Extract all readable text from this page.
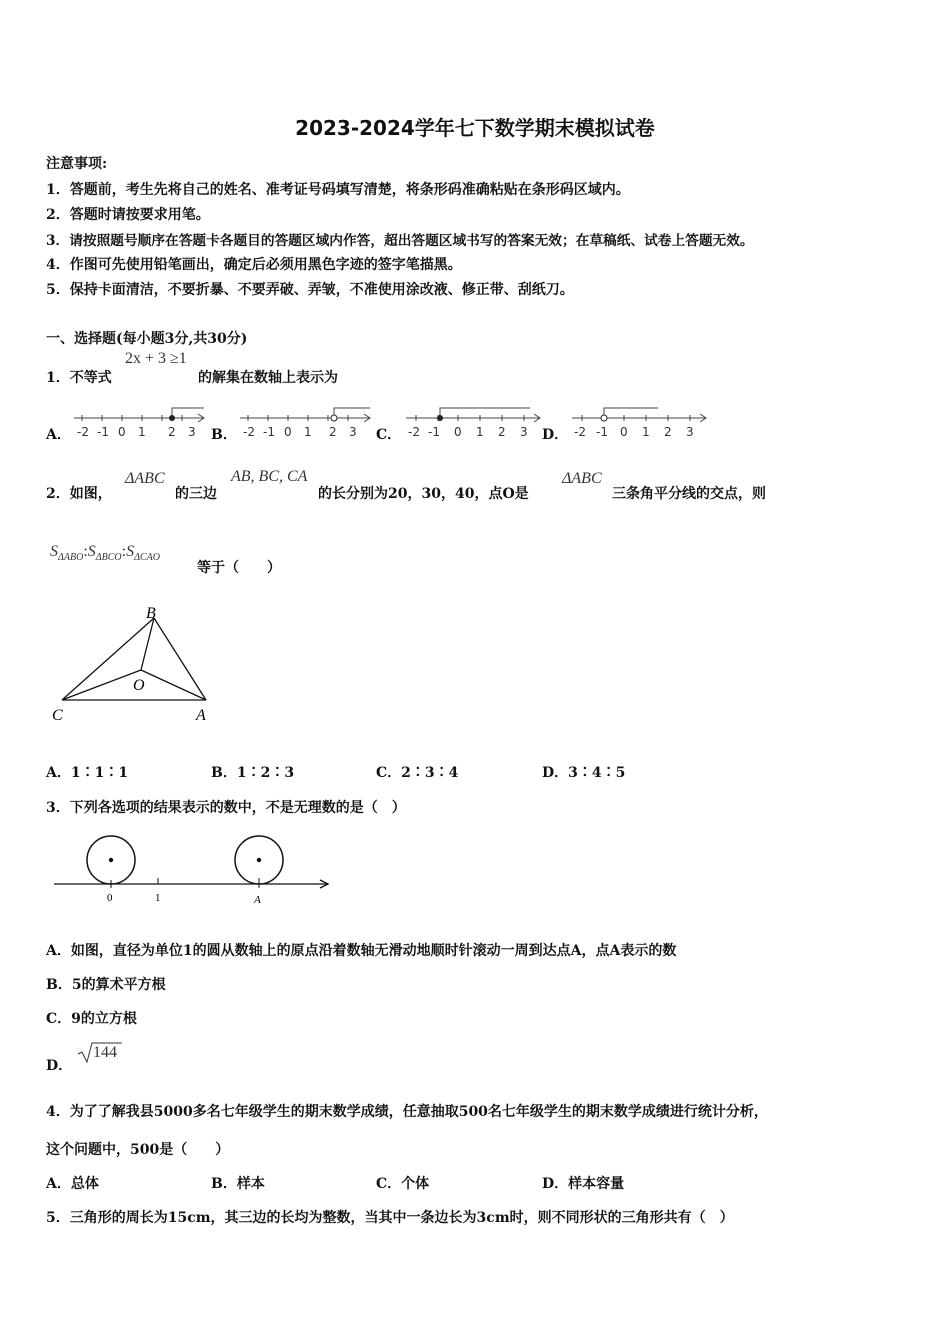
2023-2024学年七下数学期末模拟试卷
注意事项:
1．答题前，考生先将自己的姓名、准考证号码填写清楚，将条形码准确粘贴在条形码区域内。
2．答题时请按要求用笔。
3．请按照题号顺序在答题卡各题目的答题区域内作答，超出答题区域书写的答案无效；在草稿纸、试卷上答题无效。
4．作图可先使用铅笔画出，确定后必须用黑色字迹的签字笔描黑。
5．保持卡面清洁，不要折暴、不要弄破、弄皱，不准使用涂改液、修正带、刮纸刀。
一、选择题(每小题3分,共30分)
1．不等式
2x + 3 ≥1
的解集在数轴上表示为
A． -2 -1 0 1 2 3 B． -2 -1 0 1 2 3 C． -2 -1 0 1 2 3 D． -2 -1 0 1 2 3
2．如图，
ΔABC
的三边
AB, BC, CA
的长分别为20，30，40，点O是
ΔABC
三条角平分线的交点，则
$S_{\Delta ABO}:S_{\Delta BCO}:S_{\Delta CAO}$
等于（　　）
B
O
C	A
A．1∶1∶1	B．1∶2∶3	C．2∶3∶4	D．3∶4∶5
3．下列各选项的结果表示的数中，不是无理数的是（　）
0	1	A
A．如图，直径为单位1的圆从数轴上的原点沿着数轴无滑动地顺时针滚动一周到达点A，点A表示的数
B．5的算术平方根
C．9的立方根
D．
144
4．为了了解我县5000多名七年级学生的期末数学成绩，任意抽取500名七年级学生的期末数学成绩进行统计分析，
这个问题中，500是（　　）
A．总体	B．样本	C．个体	D．样本容量
5．三角形的周长为15cm，其三边的长均为整数，当其中一条边长为3cm时，则不同形状的三角形共有（　）
